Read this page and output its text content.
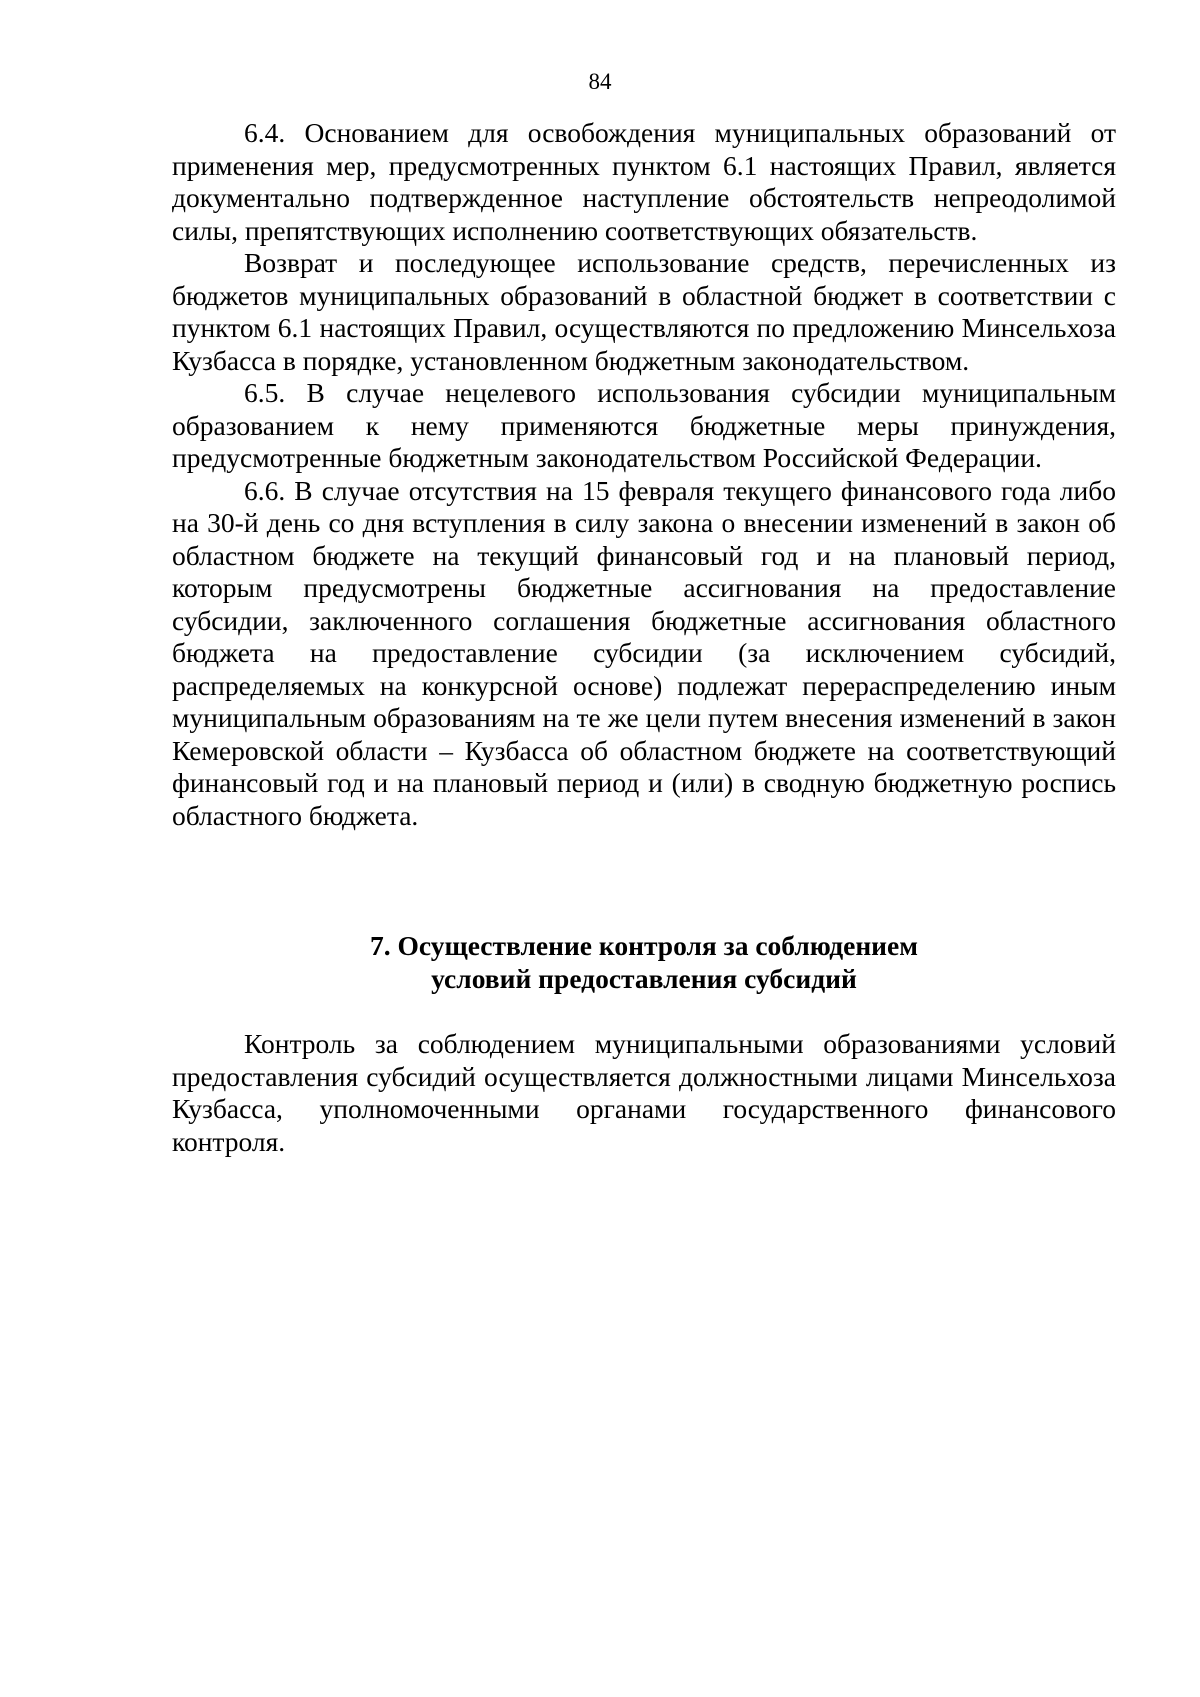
84

6.4. Основанием для освобождения муниципальных образований от применения мер, предусмотренных пунктом 6.1 настоящих Правил, является документально подтвержденное наступление обстоятельств непреодолимой силы, препятствующих исполнению соответствующих обязательств.

Возврат и последующее использование средств, перечисленных из бюджетов муниципальных образований в областной бюджет в соответствии с пунктом 6.1 настоящих Правил, осуществляются по предложению Минсельхоза Кузбасса в порядке, установленном бюджетным законодательством.

6.5. В случае нецелевого использования субсидии муниципальным образованием к нему применяются бюджетные меры принуждения, предусмотренные бюджетным законодательством Российской Федерации.

6.6. В случае отсутствия на 15 февраля текущего финансового года либо на 30-й день со дня вступления в силу закона о внесении изменений в закон об областном бюджете на текущий финансовый год и на плановый период, которым предусмотрены бюджетные ассигнования на предоставление субсидии, заключенного соглашения бюджетные ассигнования областного бюджета на предоставление субсидии (за исключением субсидий, распределяемых на конкурсной основе) подлежат перераспределению иным муниципальным образованиям на те же цели путем внесения изменений в закон Кемеровской области – Кузбасса об областном бюджете на соответствующий финансовый год и на плановый период и (или) в сводную бюджетную роспись областного бюджета.

7. Осуществление контроля за соблюдением
условий предоставления субсидий

Контроль за соблюдением муниципальными образованиями условий предоставления субсидий осуществляется должностными лицами Минсельхоза Кузбасса, уполномоченными органами государственного финансового контроля.
